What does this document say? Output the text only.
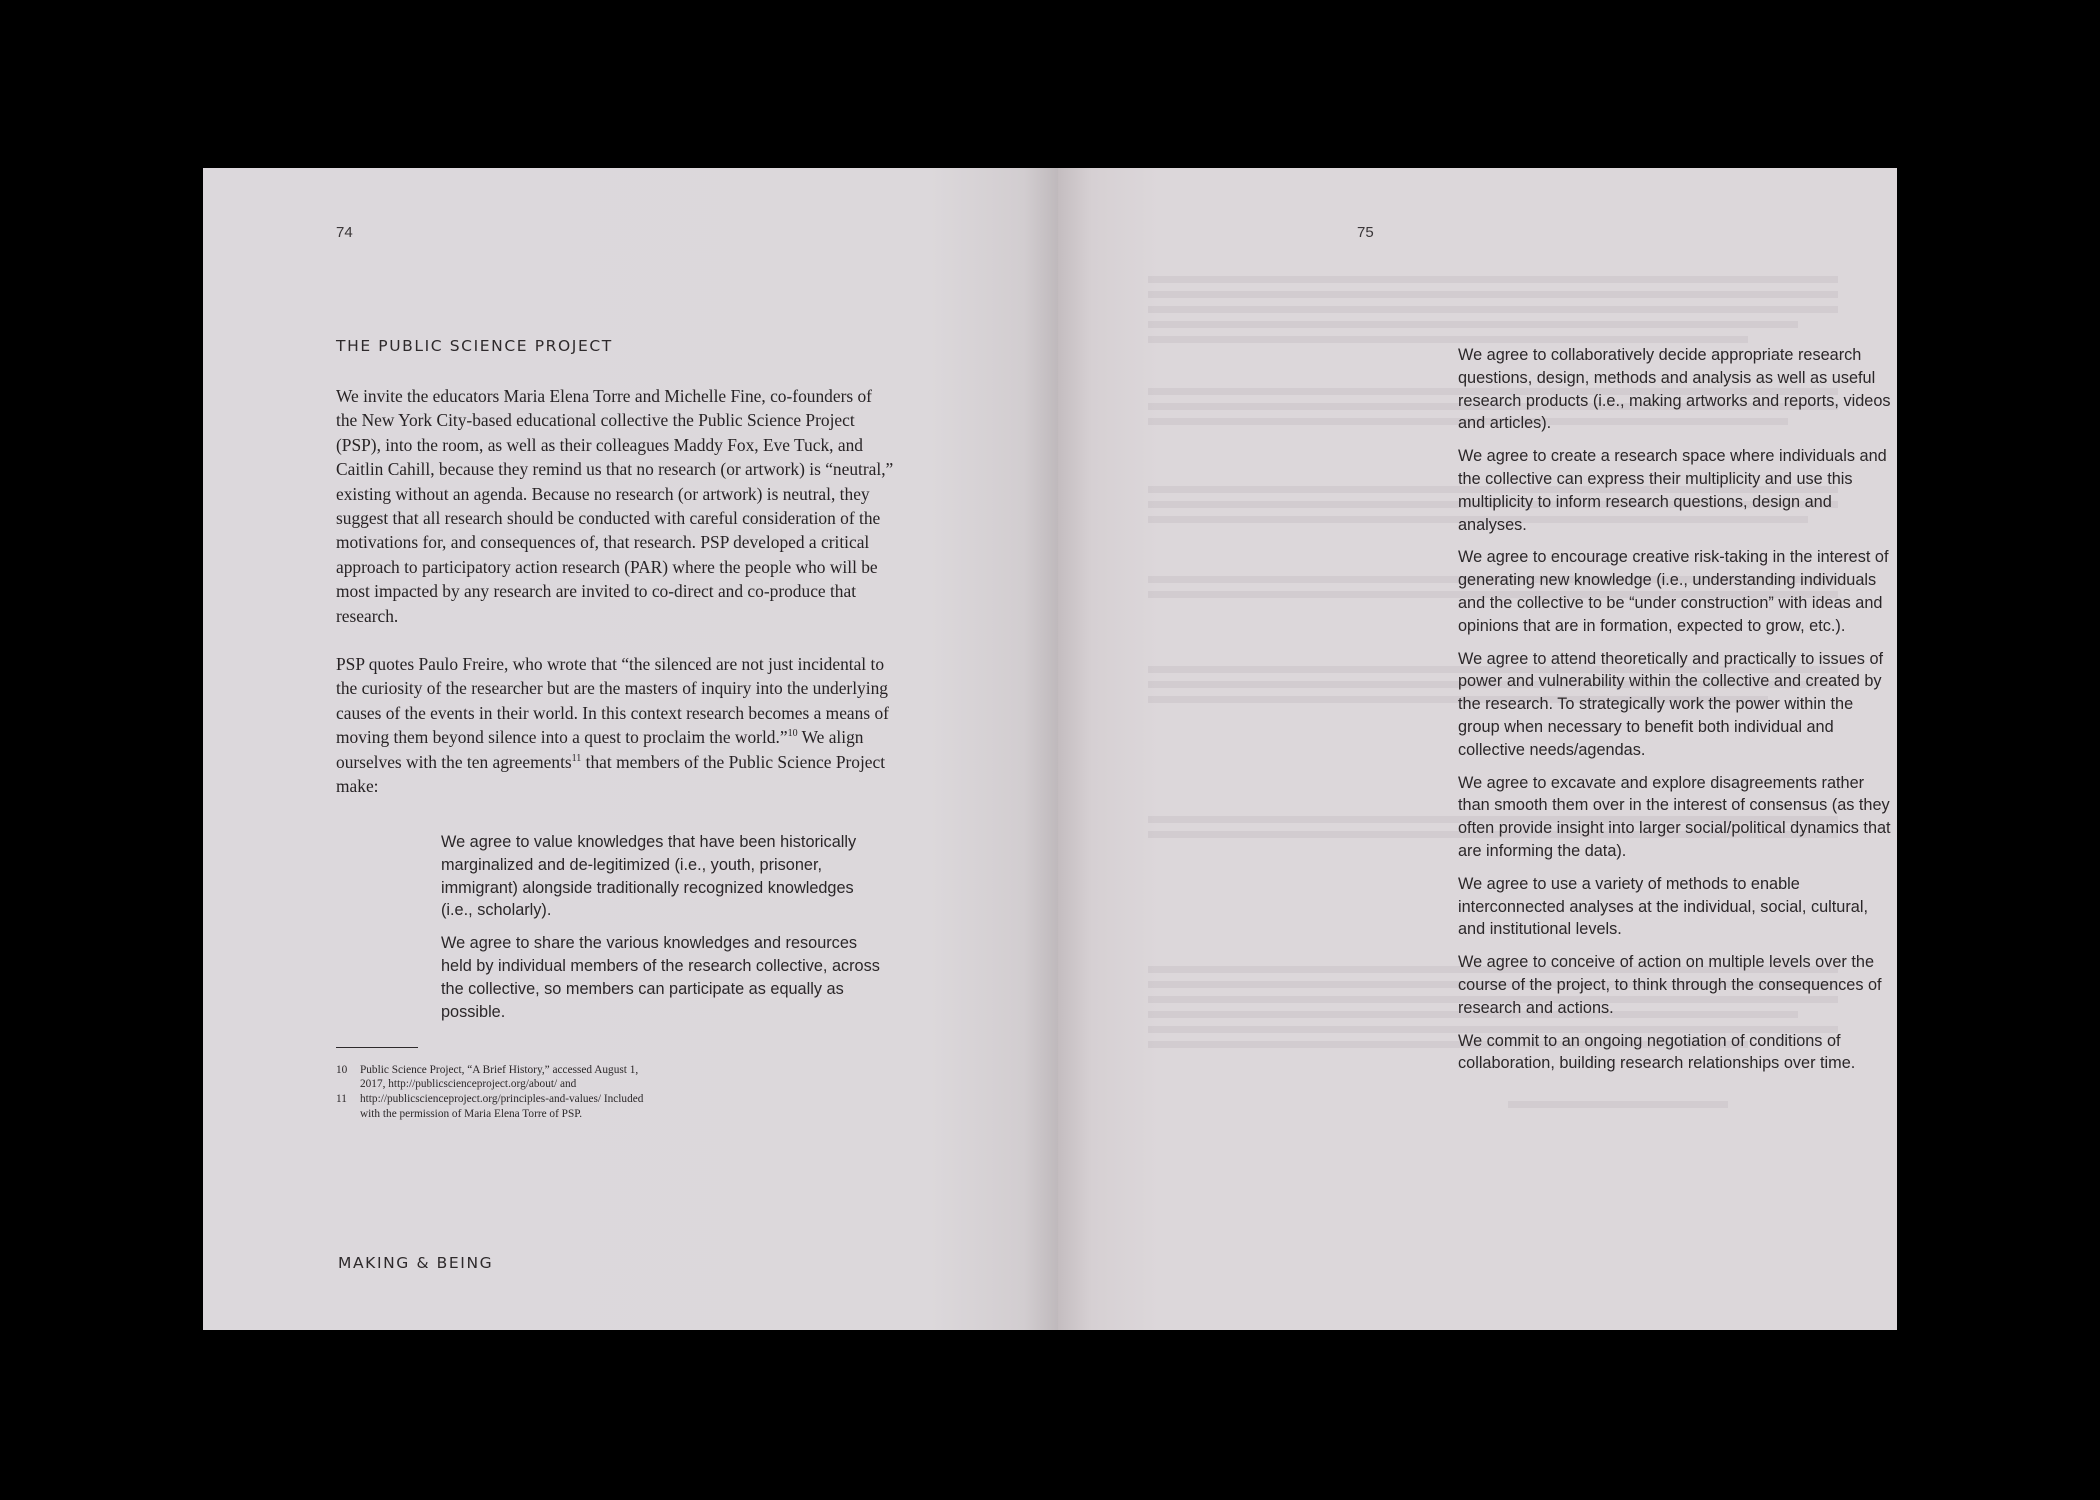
74
THE PUBLIC SCIENCE PROJECT

We invite the educators Maria Elena Torre and Michelle Fine, co-founders of the New York City-based educational collective the Public Science Project (PSP), into the room, as well as their colleagues Maddy Fox, Eve Tuck, and Caitlin Cahill, because they remind us that no research (or artwork) is “neutral,” existing without an agenda. Because no research (or artwork) is neutral, they suggest that all research should be conducted with careful consideration of the motivations for, and consequences of, that research. PSP developed a critical approach to participatory action research (PAR) where the people who will be most impacted by any research are invited to co-direct and co-produce that research.

PSP quotes Paulo Freire, who wrote that “the silenced are not just incidental to the curiosity of the researcher but are the masters of inquiry into the underlying causes of the events in their world. In this context research becomes a means of moving them beyond silence into a quest to proclaim the world.”$^{10}$ We align ourselves with the ten agreements$^{11}$ that members of the Public Science Project make:

We agree to value knowledges that have been historically marginalized and de-legitimized (i.e., youth, prisoner, immigrant) alongside traditionally recognized knowledges (i.e., scholarly).

We agree to share the various knowledges and resources held by individual members of the research collective, across the collective, so members can participate as equally as possible.

10	Public Science Project, “A Brief History,” accessed August 1, 2017, http://publicscienceproject.org/about/ and
11	http://publicscienceproject.org/principles-and-values/ Included with the permission of Maria Elena Torre of PSP.
MAKING & BEING
75

We agree to collaboratively decide appropriate research questions, design, methods and analysis as well as useful research products (i.e., making artworks and reports, videos and articles).

We agree to create a research space where individuals and the collective can express their multiplicity and use this multiplicity to inform research questions, design and analyses.

We agree to encourage creative risk-taking in the interest of generating new knowledge (i.e., understanding individuals and the collective to be “under construction” with ideas and opinions that are in formation, expected to grow, etc.).

We agree to attend theoretically and practically to issues of power and vulnerability within the collective and created by the research. To strategically work the power within the group when necessary to benefit both individual and collective needs/agendas.

We agree to excavate and explore disagreements rather than smooth them over in the interest of consensus (as they often provide insight into larger social/political dynamics that are informing the data).

We agree to use a variety of methods to enable interconnected analyses at the individual, social, cultural, and institutional levels.

We agree to conceive of action on multiple levels over the course of the project, to think through the consequences of research and actions.

We commit to an ongoing negotiation of conditions of collaboration, building research relationships over time.
